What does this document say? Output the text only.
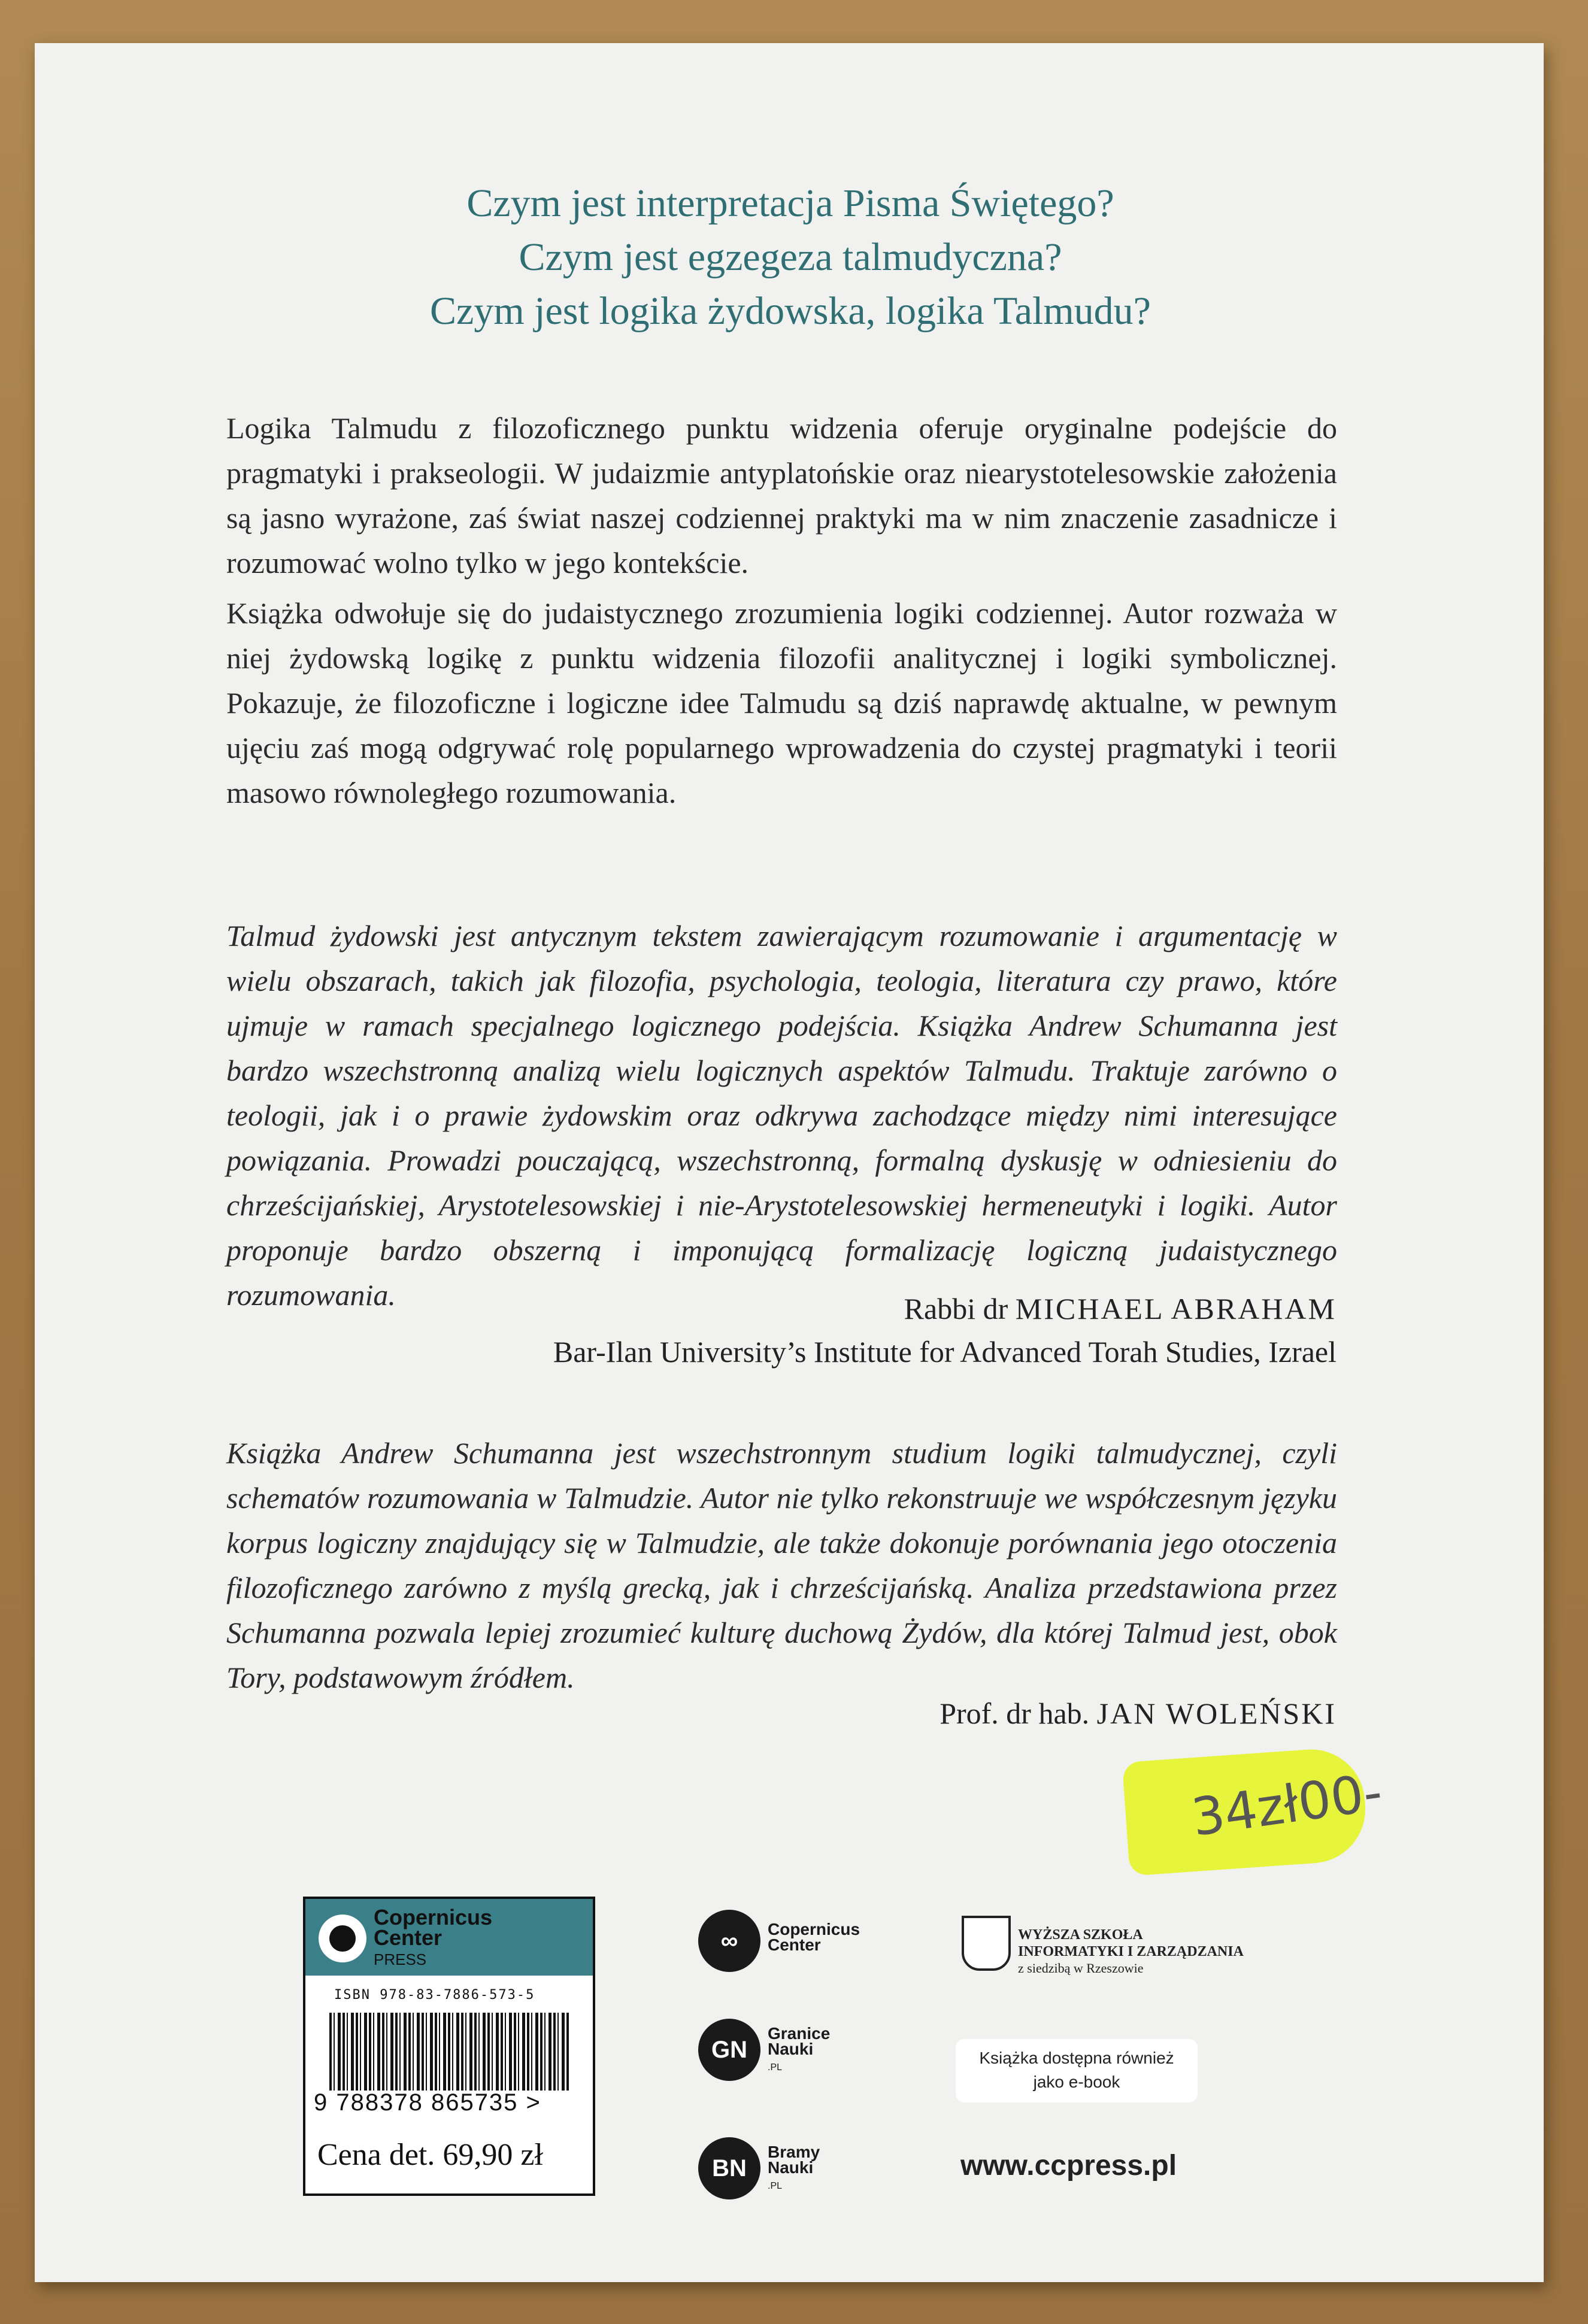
Czym jest interpretacja Pisma Świętego?
Czym jest egzegeza talmudyczna?
Czym jest logika żydowska, logika Talmudu?
Logika Talmudu z filozoficznego punktu widzenia oferuje oryginalne podejście do pragmatyki i prakseologii. W judaizmie antyplatońskie oraz niearystotelesowskie założenia są jasno wyrażone, zaś świat naszej codziennej praktyki ma w nim znaczenie zasadnicze i rozumować wolno tylko w jego kontekście.
Książka odwołuje się do judaistycznego zrozumienia logiki codziennej. Autor rozważa w niej żydowską logikę z punktu widzenia filozofii analitycznej i logiki symbolicznej. Pokazuje, że filozoficzne i logiczne idee Talmudu są dziś naprawdę aktualne, w pewnym ujęciu zaś mogą odgrywać rolę popularnego wprowadzenia do czystej pragmatyki i teorii masowo równoległego rozumowania.
Talmud żydowski jest antycznym tekstem zawierającym rozumowanie i argumentację w wielu obszarach, takich jak filozofia, psychologia, teologia, literatura czy prawo, które ujmuje w ramach specjalnego logicznego podejścia. Książka Andrew Schumanna jest bardzo wszechstronną analizą wielu logicznych aspektów Talmudu. Traktuje zarówno o teologii, jak i o prawie żydowskim oraz odkrywa zachodzące między nimi interesujące powiązania. Prowadzi pouczającą, wszechstronną, formalną dyskusję w odniesieniu do chrześcijańskiej, Arystotelesowskiej i nie-Arystotelesowskiej hermeneutyki i logiki. Autor proponuje bardzo obszerną i imponującą formalizację logiczną judaistycznego rozumowania.	Rabbi dr MICHAEL ABRAHAM
Bar-Ilan University’s Institute for Advanced Torah Studies, Izrael
Książka Andrew Schumanna jest wszechstronnym studium logiki talmudycznej, czyli schematów rozumowania w Talmudzie. Autor nie tylko rekonstruuje we współczesnym języku korpus logiczny znajdujący się w Talmudzie, ale także dokonuje porównania jego otoczenia filozoficznego zarówno z myślą grecką, jak i chrześcijańską. Analiza przedstawiona przez Schumanna pozwala lepiej zrozumieć kulturę duchową Żydów, dla której Talmud jest, obok Tory, podstawowym źródłem.
Prof. dr hab. JAN WOLEŃSKI
34zł00-
Copernicus
Center
PRESS
ISBN 978-83-7886-573-5
9 788378 865735 >
Cena det. 69,90 zł
∞	Copernicus
Center
GN
Granice
Nauki
.PL
BN
Bramy
Nauki
.PL
WYŻSZA SZKOŁA
INFORMATYKI I ZARZĄDZANIA
z siedzibą w Rzeszowie
Książka dostępna również
jako e-book
www.ccpress.pl
